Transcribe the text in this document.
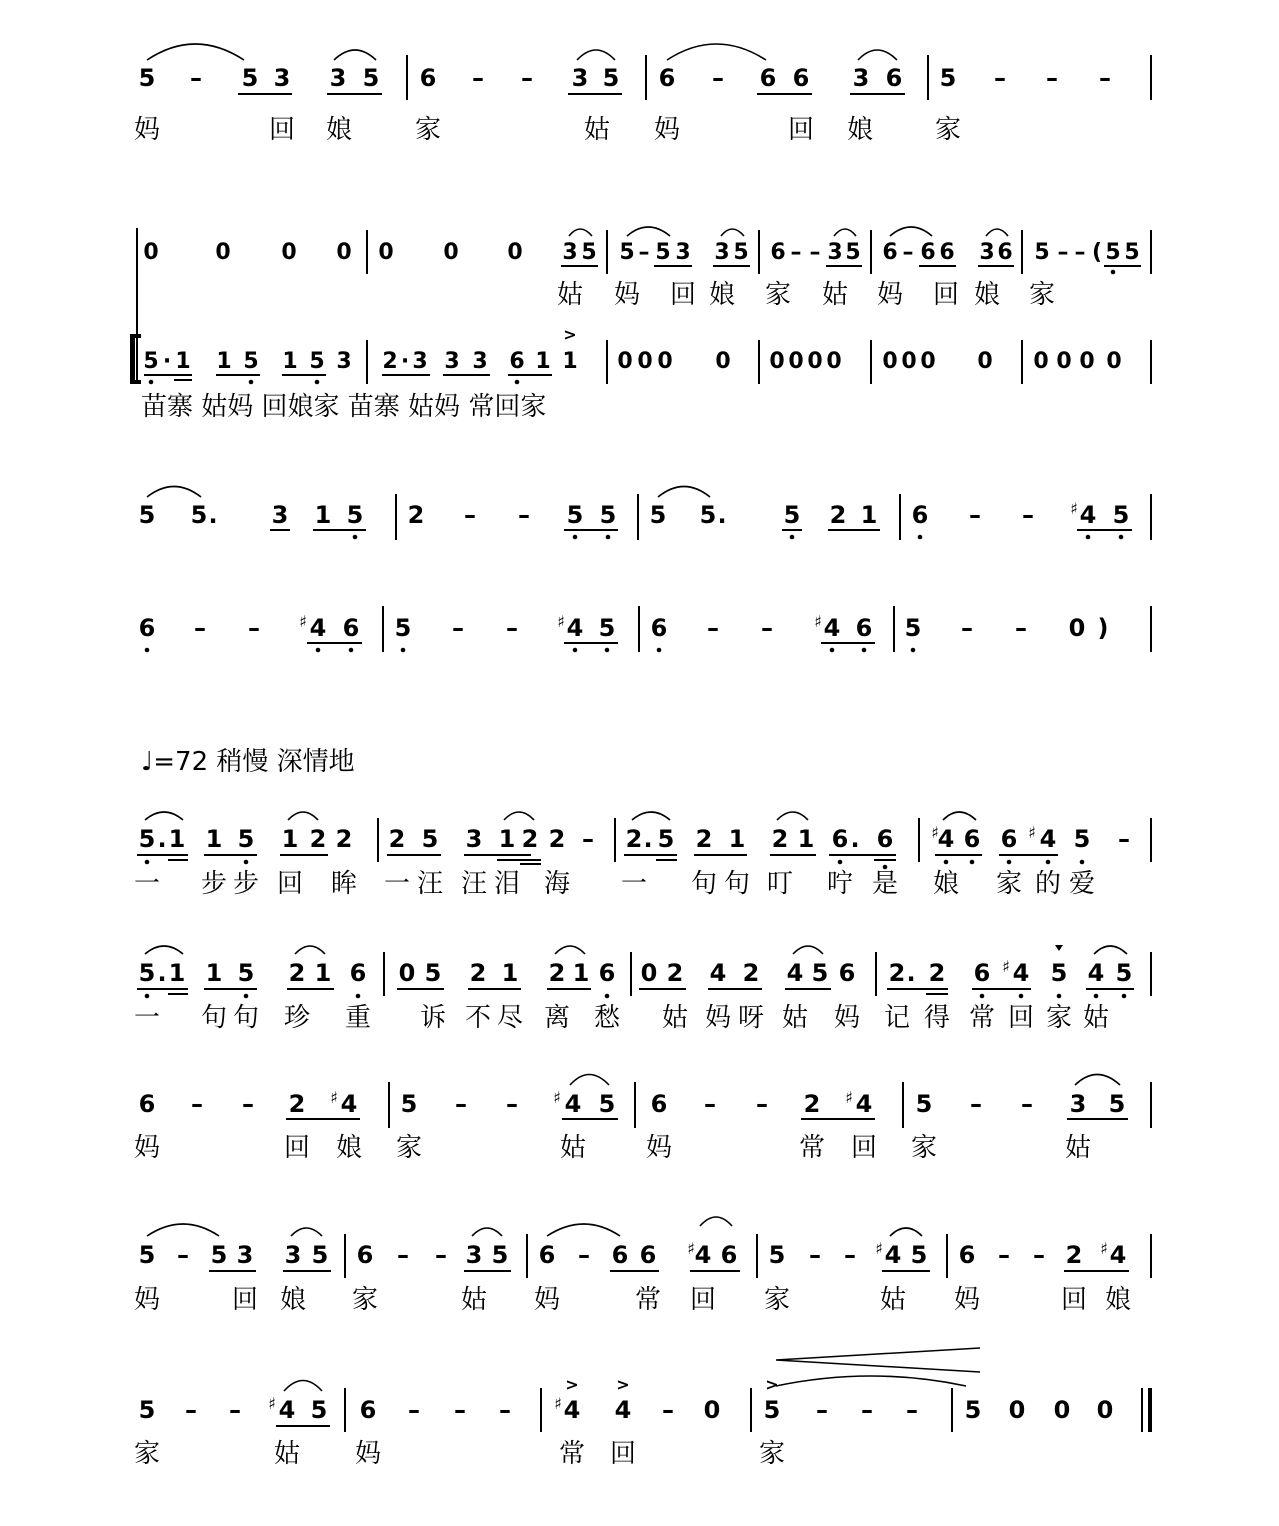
5 – 5 3 3 5 6 – – 3 5 6 – 6 6 3 6 5 – – –
妈	回 娘 家	姑 妈	回 娘 家
0	0 0 0 0 0 0 3 5 5 – 5 3 3 5 6 – – 3 5 6 – 6 6 3 6 5 – – ( 5 5
姑 妈 回 娘 家 姑 妈 回 娘 家
5 · 1 1 5 1 5 3 2 · 3 3 3 6 1 1
>
0 0 0 0 0 0 0 0 0 0 0 0 0 0 0 0
苗寨 姑妈 回娘家 苗寨 姑妈 常回家
5 5 . 3 1 5 2 – – 5 5 5 5 . 5 2 1 6 – – ♯ 4 5
6 – – ♯ 4 6 5 – – ♯ 4 5 6 – –	♯ 4 6 5 – – 0 )
♩=72 稍慢 深情地
5 . 1 1 5 1 2 2 2 5 3 1 2 2 – 2 . 5 2 1 2 1 6 . 6 ♯
4 6 6 ♯ 4 5 –
一 步 步 回 眸 一 汪 汪 泪 海 一 句 句 叮 咛 是 娘 家 的 爱
5 . 1 1 5 2 1 6 0 5 2 1 2 1 6 0 2 4 2 4 5 6 2 . 2 6 ♯ 4 5 4 5
一 句 句 珍 重 诉 不 尽 离 愁 姑 妈 呀 姑 妈 记 得 常 回 家 姑
6 – – 2 ♯ 4 5 – – ♯ 4 5 6 – – 2 ♯ 4 5 – – 3 5
妈	回 娘 家	姑 妈	常 回 家	姑
5 – 5 3 3 5 6 – – 3 5 6 – 6 6 ♯ 4 6 5 – – ♯ 4 5 6 – – 2 ♯ 4
妈	回 娘 家	姑 妈	常 回 家	姑 妈	回 娘
5 – – ♯ 4 5 6 – – –	♯ 4
>
4
>
– 0 5
>
– – – 5 0 0 0
家	姑 妈	常 回	家
